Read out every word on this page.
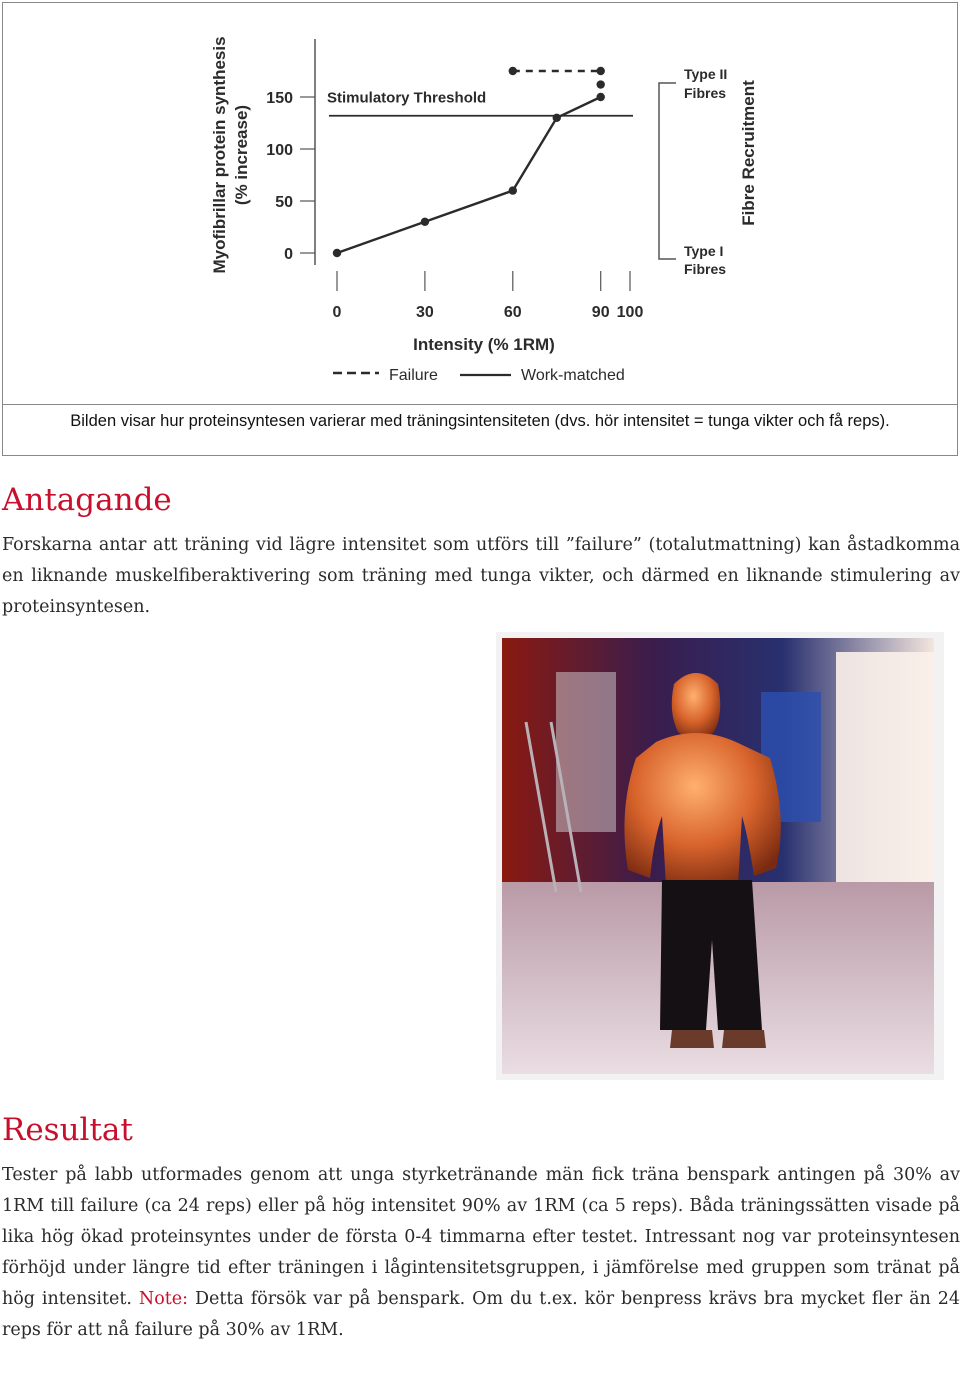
0
50
100
150
Myofibrillar protein synthesis (% increase)
0	30	60	90 100
Intensity (% 1RM)
Stimulatory Threshold
Type II
Fibres
Type I
Fibres
Fibre Recruitment
Failure	Work-matched
Bilden visar hur proteinsyntesen varierar med träningsintensiteten (dvs. hör intensitet = tunga vikter och få reps).
Antagande

Forskarna antar att träning vid lägre intensitet som utförs till ”failure” (totalutmattning) kan åstadkomma en liknande muskelfiberaktivering som träning med tunga vikter, och därmed en liknande stimulering av proteinsyntesen.

Resultat
Tester på labb utformades genom att unga styrketränande män fick träna benspark antingen på 30% av 1RM till failure (ca 24 reps) eller på hög intensitet 90% av 1RM (ca 5 reps). Båda träningssätten visade på lika hög ökad proteinsyntes under de första 0-4 timmarna efter testet. Intressant nog var proteinsyntesen förhöjd under längre tid efter träningen i lågintensitetsgruppen, i jämförelse med gruppen som tränat på hög intensitet. Note: Detta försök var på benspark. Om du t.ex. kör benpress krävs bra mycket fler än 24 reps för att nå failure på 30% av 1RM.
